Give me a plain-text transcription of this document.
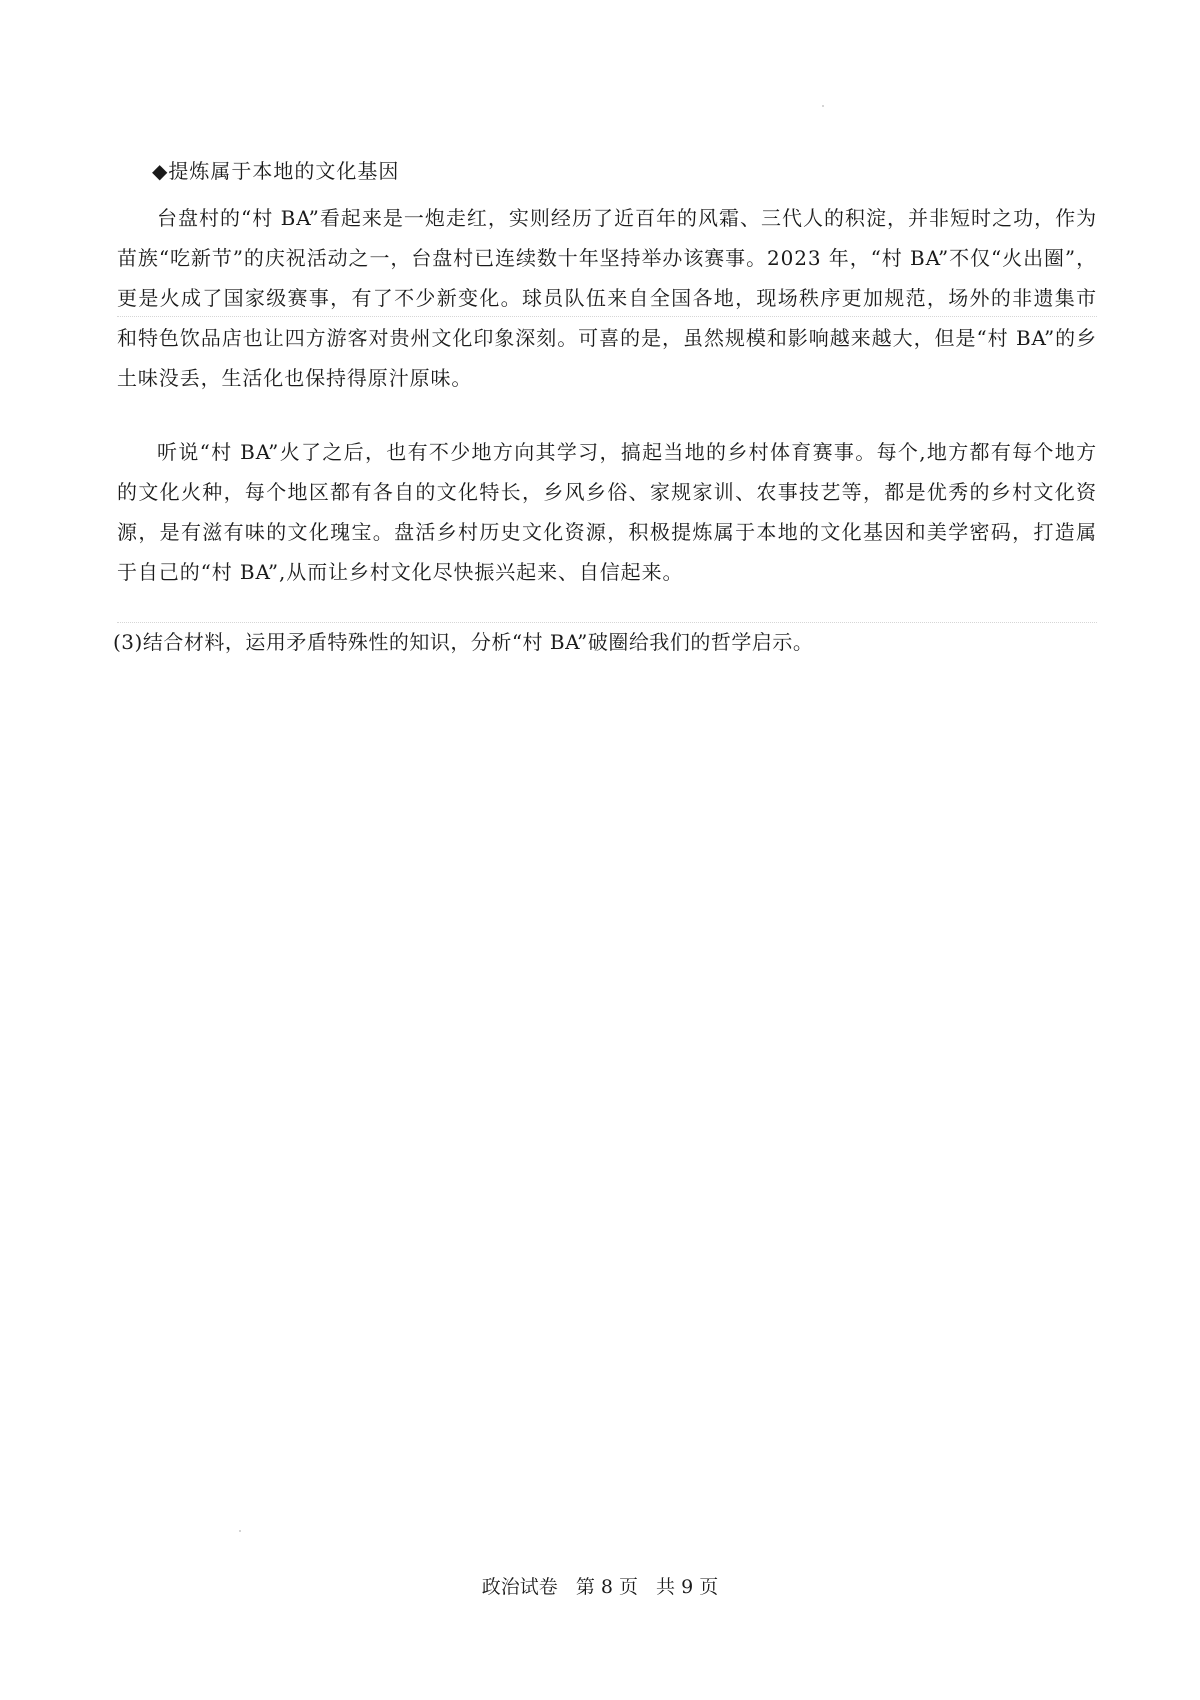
◆提炼属于本地的文化基因
台盘村的“村 BA”看起来是一炮走红，实则经历了近百年的风霜、三代人的积淀，并非短时之功，作为苗族“吃新节”的庆祝活动之一，台盘村已连续数十年坚持举办该赛事。2023 年，“村 BA”不仅“火出圈”，更是火成了国家级赛事，有了不少新变化。球员队伍来自全国各地，现场秩序更加规范，场外的非遗集市和特色饮品店也让四方游客对贵州文化印象深刻。可喜的是，虽然规模和影响越来越大，但是“村 BA”的乡土味没丢，生活化也保持得原汁原味。
听说“村 BA”火了之后，也有不少地方向其学习，搞起当地的乡村体育赛事。每个,地方都有每个地方的文化火种，每个地区都有各自的文化特长，乡风乡俗、家规家训、农事技艺等，都是优秀的乡村文化资源，是有滋有味的文化瑰宝。盘活乡村历史文化资源，积极提炼属于本地的文化基因和美学密码，打造属于自己的“村 BA”,从而让乡村文化尽快振兴起来、自信起来。
(3)结合材料，运用矛盾特殊性的知识，分析“村 BA”破圈给我们的哲学启示。
政治试卷 第 8 页 共 9 页
